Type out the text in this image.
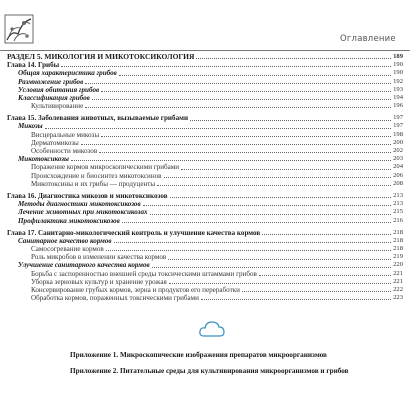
Оглавление
РАЗДЕЛ 5. МИКОЛОГИЯ И МИКОТОКСИКОЛОГИЯ	189
Глава 14. Грибы	190
Общая характеристика грибов	190
Размножение грибов	192
Условия обитания грибов	193
Классификация грибов	194
Культивирование	196
Глава 15. Заболевания животных, вызываемые грибами	197
Микозы	197
Висцеральные микозы	198
Дерматомикозы	200
Особенности микозов	202
Микотоксикозы	203
Поражение кормов микроскопическими грибами	204
Происхождение и биосинтез микотоксинов	206
Микотоксины и их грибы — продуценты	208
Глава 16. Диагностика микозов и микотоксикозов	213
Методы диагностики микотоксикозов	213
Лечение животных при микотоксикозах	215
Профилактика микотоксикозов	216
Глава 17. Санитарно-микологический контроль и улучшение качества кормов	218
Санитарное качество кормов	218
Самосогревание кормов	218
Роль микробов в изменении качества кормов	219
Улучшение санитарного качества кормов	220
Борьба с заспоренностью внешней среды токсическими штаммами грибов	221
Уборка зерновых культур и хранение урожая	221
Консервирование грубых кормов, зерна и продуктов его переработки	222
Обработка кормов, пораженных токсическими грибами	223
Приложение 1. Микроскопические изображения препаратов микроорганизмов
Приложение 2. Питательные среды для культивирования микроорганизмов и грибов
